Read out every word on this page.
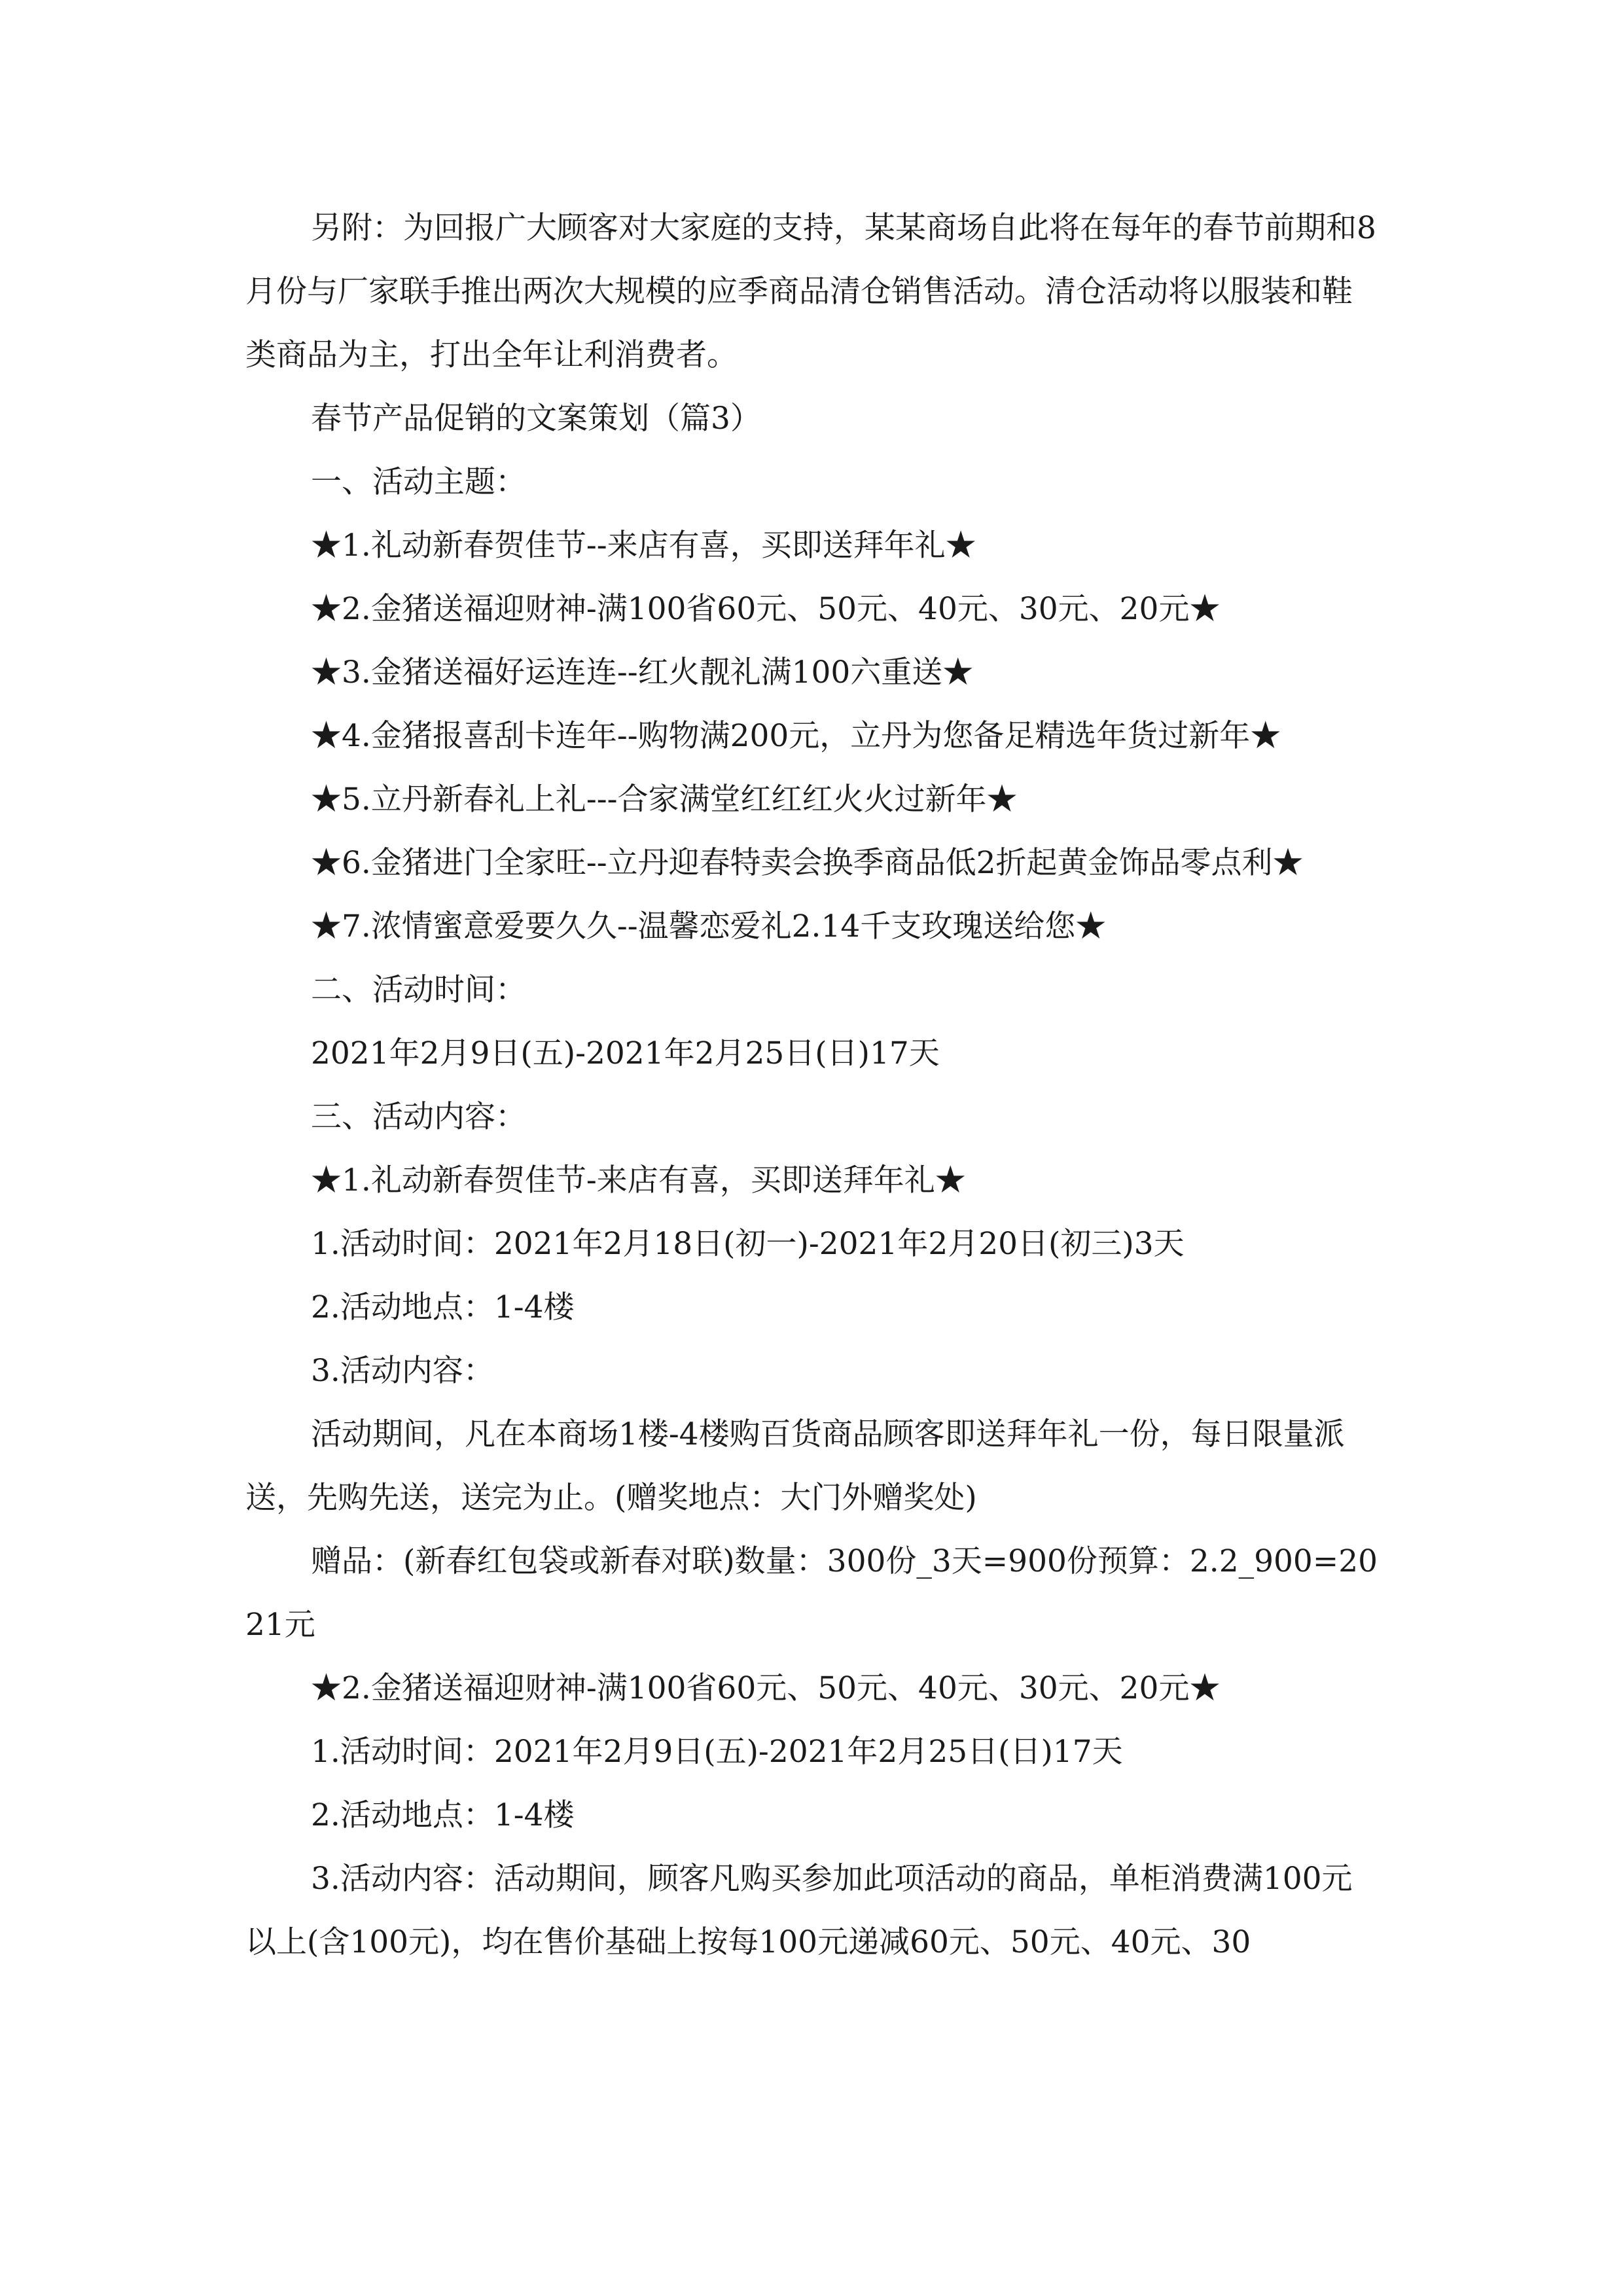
另附：为回报广大顾客对大家庭的支持，某某商场自此将在每年的春节前期和8月份与厂家联手推出两次大规模的应季商品清仓销售活动。清仓活动将以服装和鞋类商品为主，打出全年让利消费者。

春节产品促销的文案策划（篇3）

一、活动主题：

★1.礼动新春贺佳节--来店有喜，买即送拜年礼★

★2.金猪送福迎财神-满100省60元、50元、40元、30元、20元★

★3.金猪送福好运连连--红火靓礼满100六重送★

★4.金猪报喜刮卡连年--购物满200元，立丹为您备足精选年货过新年★

★5.立丹新春礼上礼---合家满堂红红红火火过新年★

★6.金猪进门全家旺--立丹迎春特卖会换季商品低2折起黄金饰品零点利★

★7.浓情蜜意爱要久久--温馨恋爱礼2.14千支玫瑰送给您★

二、活动时间：

2021年2月9日(五)-2021年2月25日(日)17天

三、活动内容：

★1.礼动新春贺佳节-来店有喜，买即送拜年礼★

1.活动时间：2021年2月18日(初一)-2021年2月20日(初三)3天

2.活动地点：1-4楼

3.活动内容：

活动期间，凡在本商场1楼-4楼购百货商品顾客即送拜年礼一份，每日限量派送，先购先送，送完为止。(赠奖地点：大门外赠奖处)

赠品：(新春红包袋或新春对联)数量：300份_3天=900份预算：2.2_900=2021元

★2.金猪送福迎财神-满100省60元、50元、40元、30元、20元★

1.活动时间：2021年2月9日(五)-2021年2月25日(日)17天

2.活动地点：1-4楼

3.活动内容：活动期间，顾客凡购买参加此项活动的商品，单柜消费满100元以上(含100元)，均在售价基础上按每100元递减60元、50元、40元、30
